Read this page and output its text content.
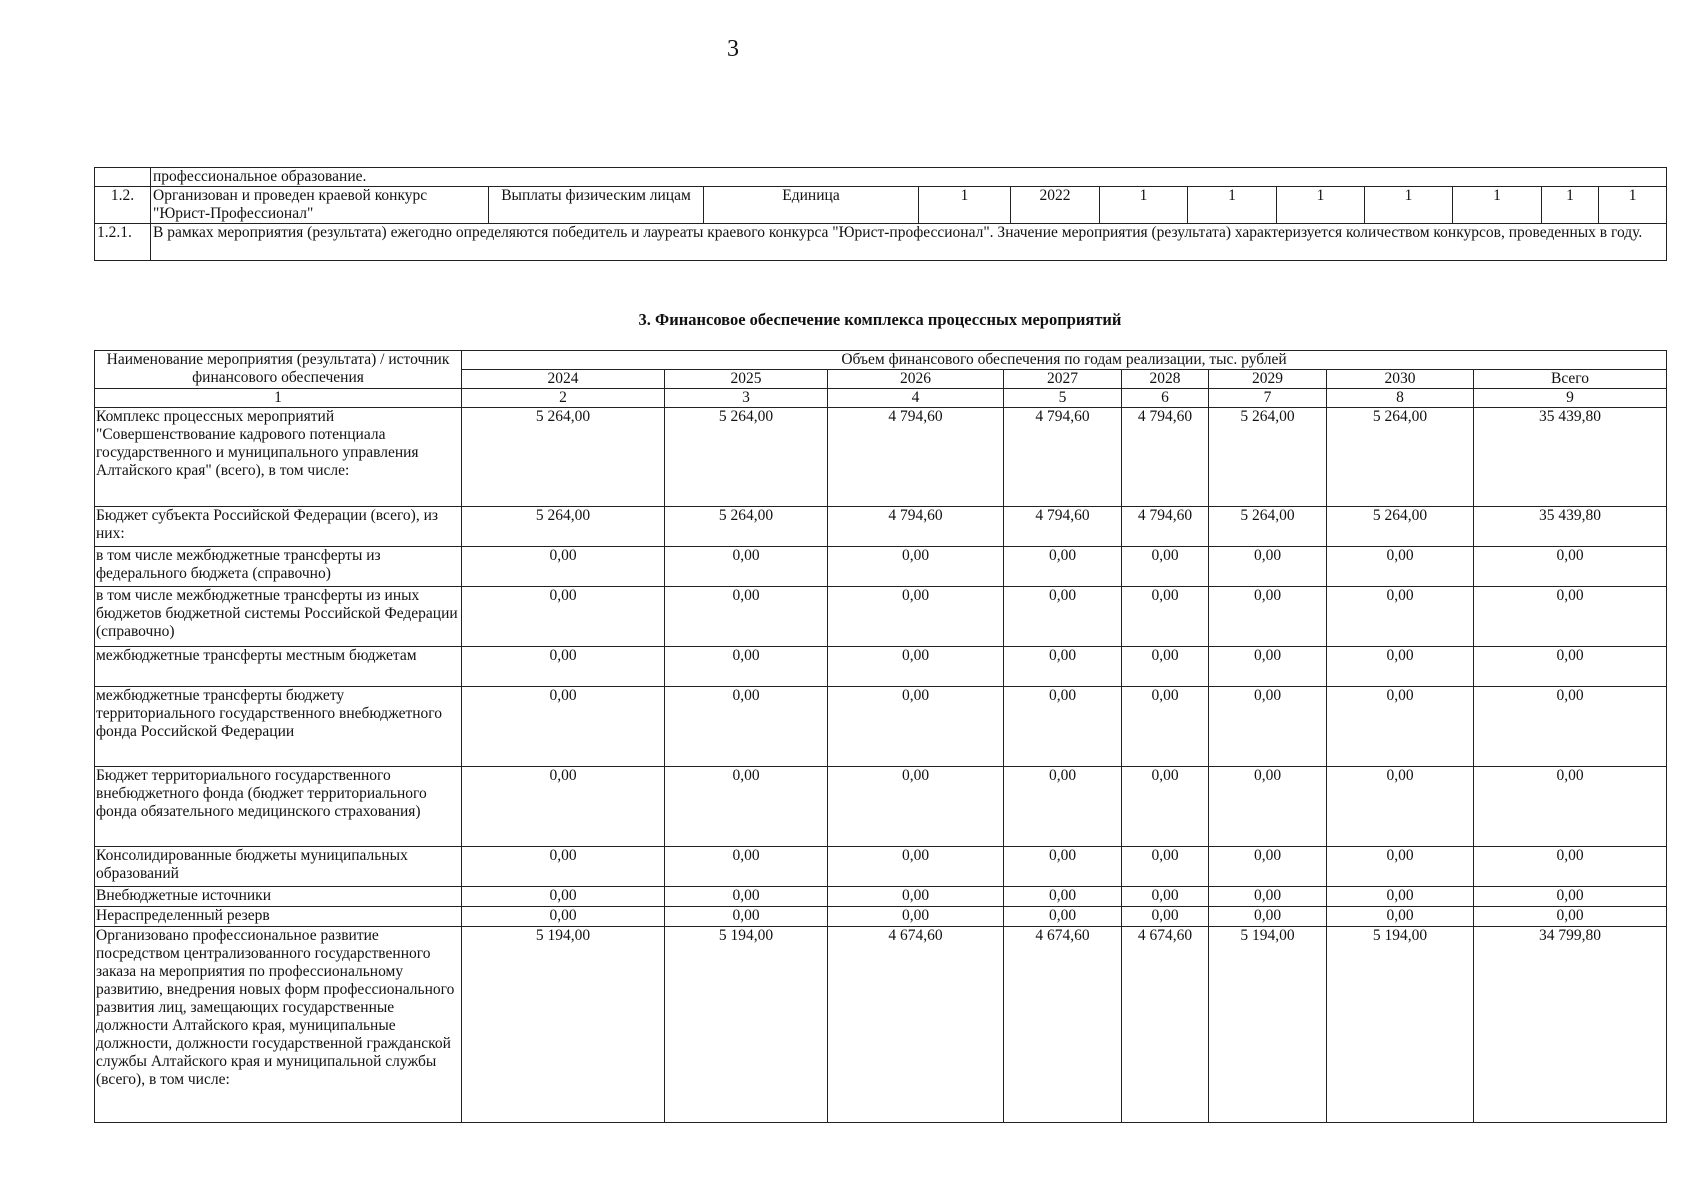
3
	профессиональное образование.											
1.2.	Организован и проведен краевой конкурс "Юрист-Профессионал"	Выплаты физическим лицам	Единица	1	2022	1	1	1	1	1	1	1
1.2.1.	В рамках мероприятия (результата) ежегодно определяются победитель и лауреаты краевого конкурса "Юрист-профессионал". Значение мероприятия (результата) характеризуется количеством конкурсов, проведенных в году.											
3. Финансовое обеспечение комплекса процессных мероприятий
Наименование мероприятия (результата) / источник финансового обеспечения	Объем финансового обеспечения по годам реализации, тыс. рублей							
	2024	2025	2026	2027	2028	2029	2030	Всего
1	2	3	4	5	6	7	8	9
Комплекс процессных мероприятий "Совершенствование кадрового потенциала государственного и муниципального управления Алтайского края" (всего), в том числе:	5 264,00	5 264,00	4 794,60	4 794,60	4 794,60	5 264,00	5 264,00	35 439,80
Бюджет субъекта Российской Федерации (всего), из них:	5 264,00	5 264,00	4 794,60	4 794,60	4 794,60	5 264,00	5 264,00	35 439,80
в том числе межбюджетные трансферты из федерального бюджета (справочно)	0,00	0,00	0,00	0,00	0,00	0,00	0,00	0,00
в том числе межбюджетные трансферты из иных бюджетов бюджетной системы Российской Федерации (справочно)	0,00	0,00	0,00	0,00	0,00	0,00	0,00	0,00
межбюджетные трансферты местным бюджетам	0,00	0,00	0,00	0,00	0,00	0,00	0,00	0,00
межбюджетные трансферты бюджету территориального государственного внебюджетного фонда Российской Федерации	0,00	0,00	0,00	0,00	0,00	0,00	0,00	0,00
Бюджет территориального государственного внебюджетного фонда (бюджет территориального фонда обязательного медицинского страхования)	0,00	0,00	0,00	0,00	0,00	0,00	0,00	0,00
Консолидированные бюджеты муниципальных образований	0,00	0,00	0,00	0,00	0,00	0,00	0,00	0,00
Внебюджетные источники	0,00	0,00	0,00	0,00	0,00	0,00	0,00	0,00
Нераспределенный резерв	0,00	0,00	0,00	0,00	0,00	0,00	0,00	0,00
Организовано профессиональное развитие посредством централизованного государственного заказа на мероприятия по профессиональному развитию, внедрения новых форм профессионального развития лиц, замещающих государственные должности Алтайского края, муниципальные должности, должности государственной гражданской службы Алтайского края и муниципальной службы (всего), в том числе:	5 194,00	5 194,00	4 674,60	4 674,60	4 674,60	5 194,00	5 194,00	34 799,80
